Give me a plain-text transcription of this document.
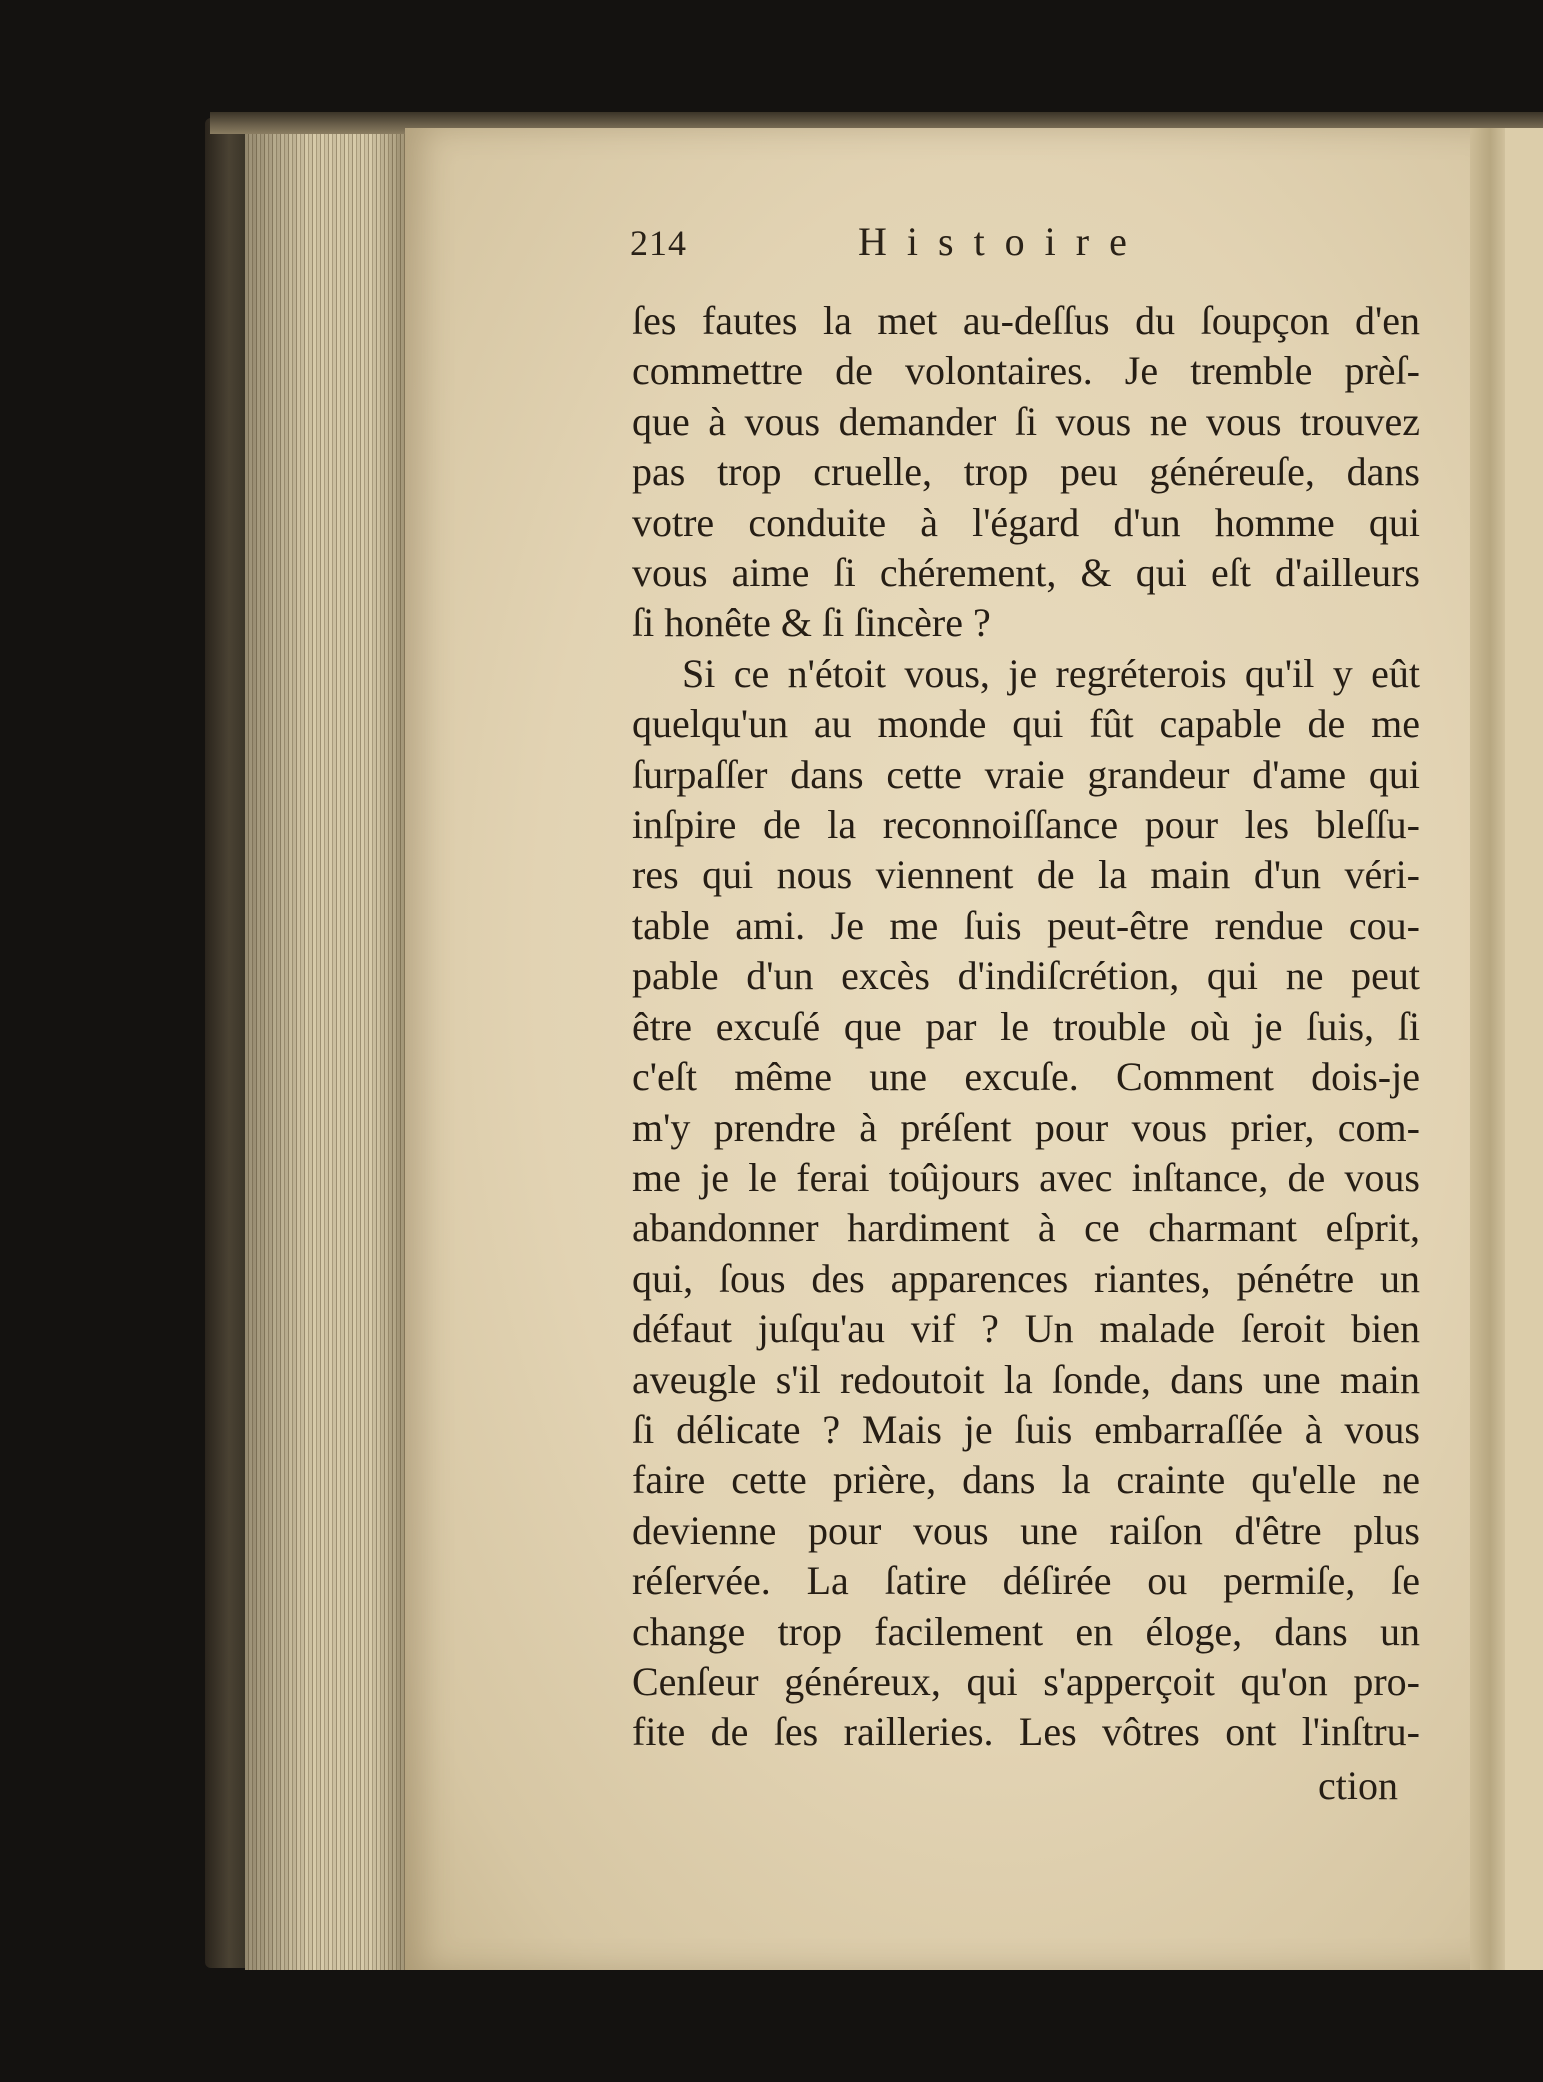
214	Histoire
ſes fautes la met au-deſſus du ſoupçon d'en
commettre de volontaires. Je tremble prèſ-
que à vous demander ſi vous ne vous trouvez
pas trop cruelle, trop peu généreuſe, dans
votre conduite à l'égard d'un homme qui
vous aime ſi chérement, & qui eſt d'ailleurs
ſi honête & ſi ſincère ?
Si ce n'étoit vous, je regréterois qu'il y eût
quelqu'un au monde qui fût capable de me
ſurpaſſer dans cette vraie grandeur d'ame qui
inſpire de la reconnoiſſance pour les bleſſu-
res qui nous viennent de la main d'un véri-
table ami. Je me ſuis peut-être rendue cou-
pable d'un excès d'indiſcrétion, qui ne peut
être excuſé que par le trouble où je ſuis, ſi
c'eſt même une excuſe. Comment dois-je
m'y prendre à préſent pour vous prier, com-
me je le ferai toûjours avec inſtance, de vous
abandonner hardiment à ce charmant eſprit,
qui, ſous des apparences riantes, pénétre un
défaut juſqu'au vif ? Un malade ſeroit bien
aveugle s'il redoutoit la ſonde, dans une main
ſi délicate ? Mais je ſuis embarraſſée à vous
faire cette prière, dans la crainte qu'elle ne
devienne pour vous une raiſon d'être plus
réſervée. La ſatire déſirée ou permiſe, ſe
change trop facilement en éloge, dans un
Cenſeur généreux, qui s'apperçoit qu'on pro-
fite de ſes railleries. Les vôtres ont l'inſtru-
ction
